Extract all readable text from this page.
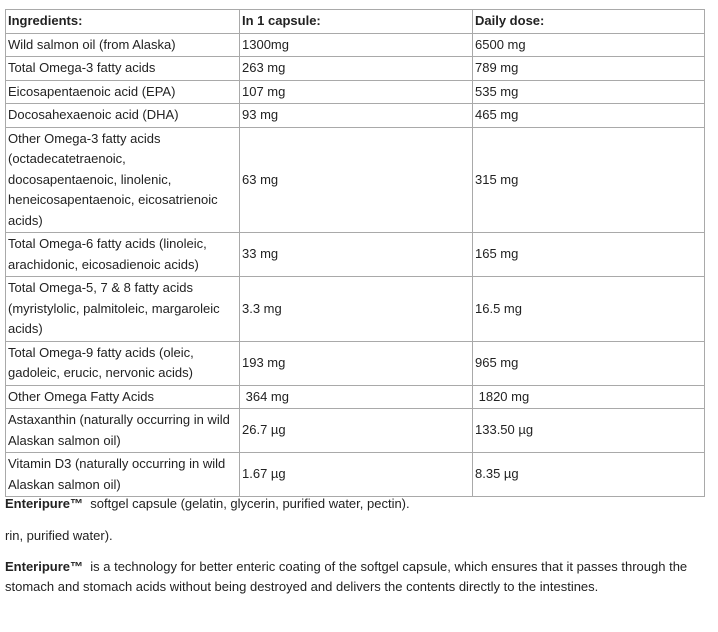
Ingredients:	In 1 capsule:	Daily dose:
Wild salmon oil (from Alaska)	1300mg	6500 mg
Total Omega-3 fatty acids	263 mg	789 mg
Eicosapentaenoic acid (EPA)	107 mg	535 mg
Docosahexaenoic acid (DHA)	93 mg	465 mg
Other Omega-3 fatty acids (octadecatetraenoic, docosapentaenoic, linolenic, heneicosapentaenoic, eicosatrienoic acids)	63 mg	315 mg
Total Omega-6 fatty acids (linoleic, arachidonic, eicosadienoic acids)	33 mg	165 mg
Total Omega-5, 7 & 8 fatty acids (myristylolic, palmitoleic, margaroleic acids)	3.3 mg	16.5 mg
Total Omega-9 fatty acids (oleic, gadoleic, erucic, nervonic acids)	193 mg	965 mg
Other Omega Fatty Acids	364 mg	1820 mg
Astaxanthin (naturally occurring in wild Alaskan salmon oil)	26.7 µg	133.50 µg
Vitamin D3 (naturally occurring in wild Alaskan salmon oil)	1.67 µg	8.35 µg

Enteripure™  softgel capsule (gelatin, glycerin, purified water, pectin).

rin, purified water).

Enteripure™  is a technology for better enteric coating of the softgel capsule, which ensures that it passes through the stomach and stomach acids without being destroyed and delivers the contents directly to the intestines.
